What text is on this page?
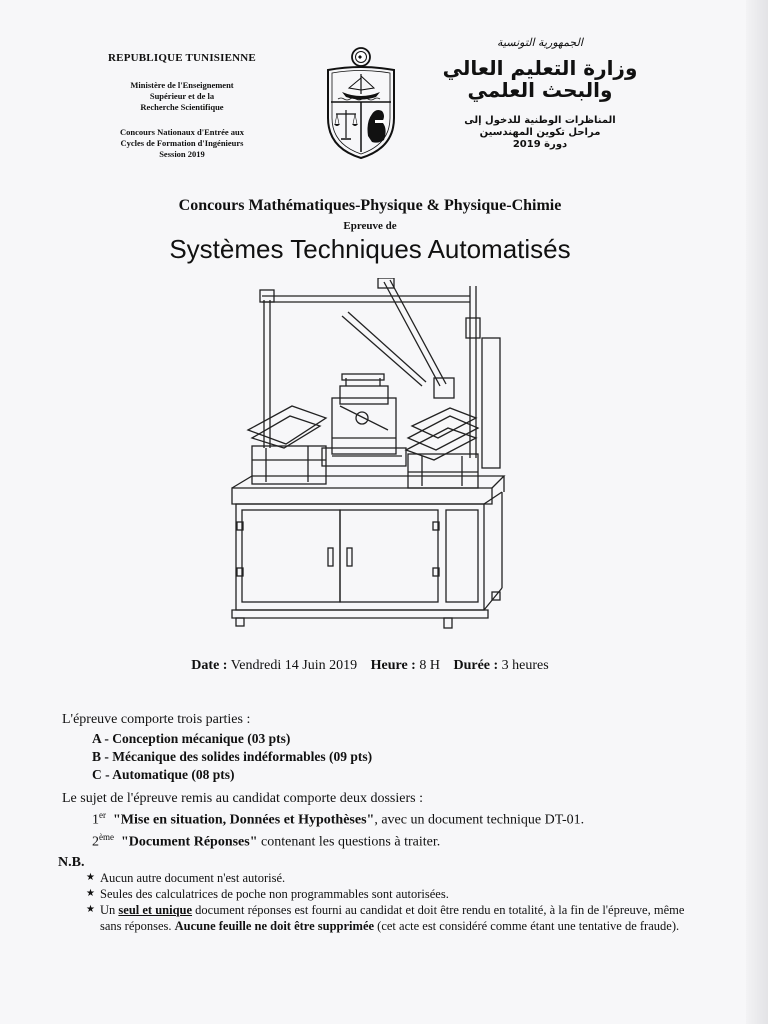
REPUBLIQUE TUNISIENNE
Ministère de l'Enseignement
Supérieur et de la
Recherche Scientifique
Concours Nationaux d'Entrée aux
Cycles de Formation d'Ingénieurs
Session 2019
الجمهورية التونسية
وزارة التعليم العالي
والبحث العلمي
المناظرات الوطنية للدخول إلى
مراحل تكوين المهندسين
دورة 2019
Concours Mathématiques-Physique & Physique-Chimie
Epreuve de
Systèmes Techniques Automatisés
Date : Vendredi 14 Juin 2019 Heure : 8 H Durée : 3 heures
L'épreuve comporte trois parties :
A - Conception mécanique (03 pts)
B - Mécanique des solides indéformables (09 pts)
C - Automatique (08 pts)
Le sujet de l'épreuve remis au candidat comporte deux dossiers :
1er "Mise en situation, Données et Hypothèses", avec un document technique DT-01.
2ème "Document Réponses" contenant les questions à traiter.
N.B.
★ Aucun autre document n'est autorisé.
★ Seules des calculatrices de poche non programmables sont autorisées.
★ Un seul et unique document réponses est fourni au candidat et doit être rendu en totalité, à la fin de l'épreuve, même sans réponses. Aucune feuille ne doit être supprimée (cet acte est considéré comme étant une tentative de fraude).
